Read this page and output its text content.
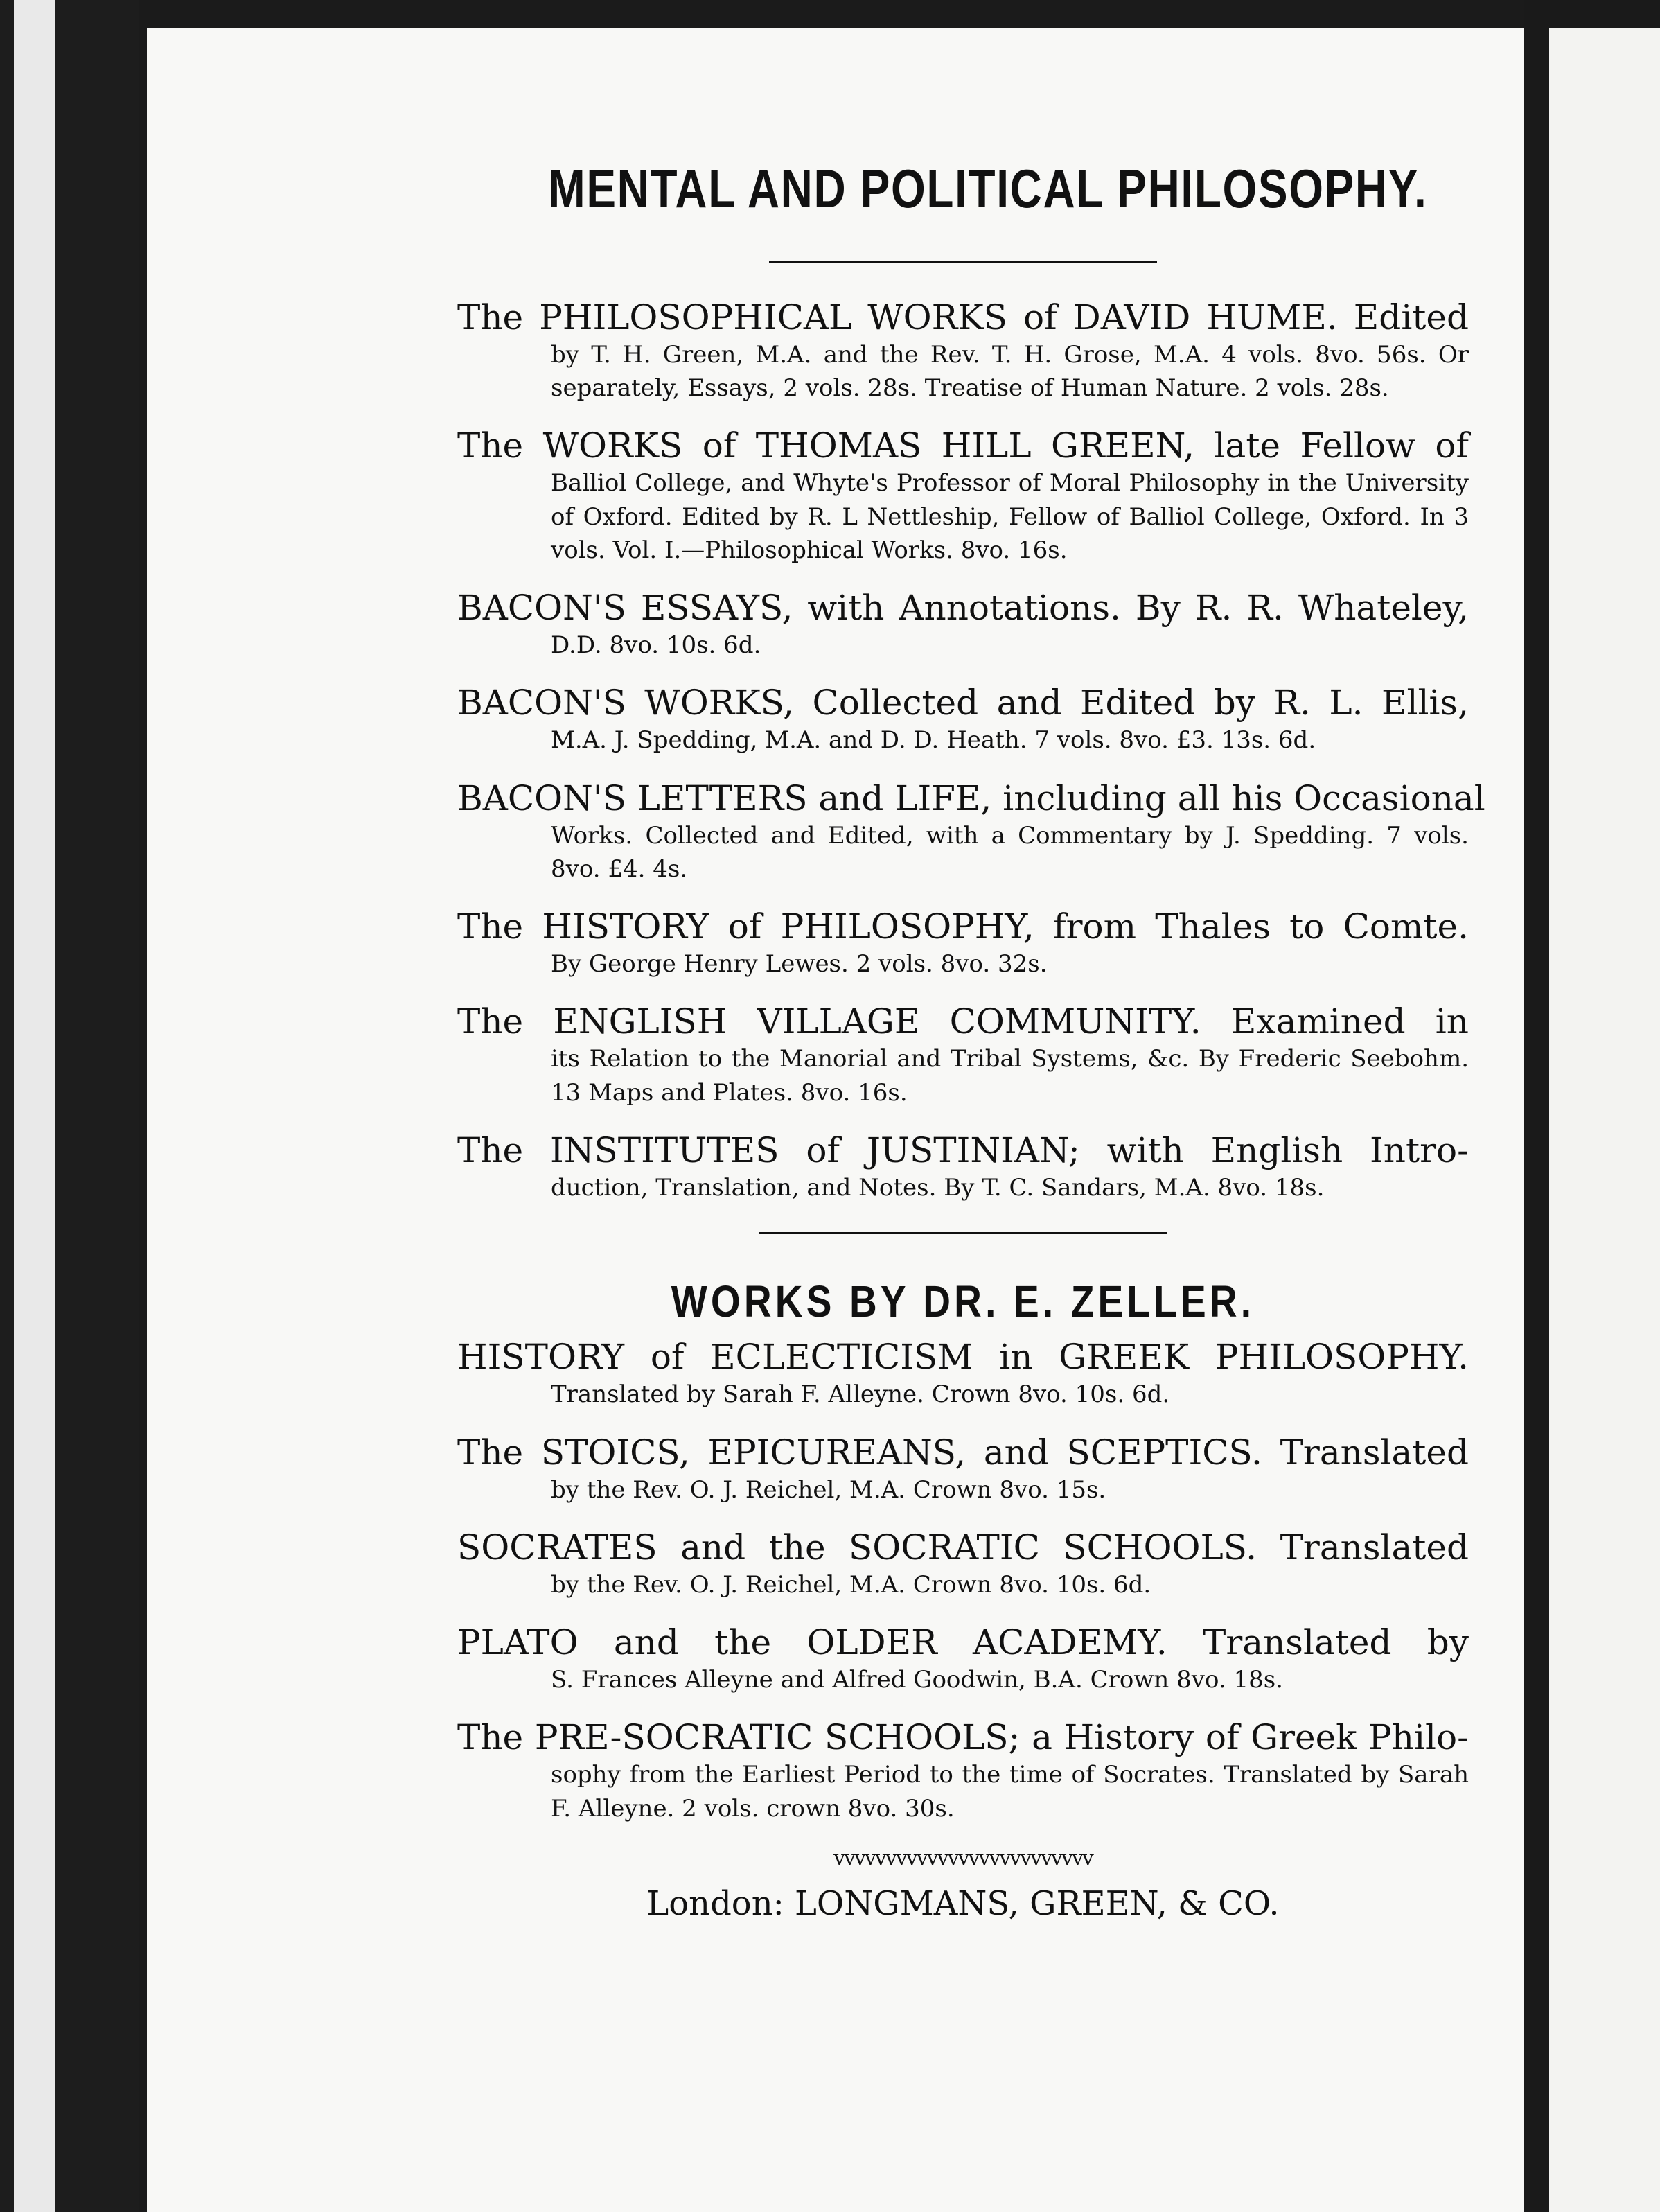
MENTAL AND POLITICAL PHILOSOPHY.
The PHILOSOPHICAL WORKS of DAVID HUME. Edited
by T. H. Green, M.A. and the Rev. T. H. Grose, M.A. 4 vols. 8vo. 56s. Or separately, Essays, 2 vols. 28s. Treatise of Human Nature. 2 vols. 28s.
The WORKS of THOMAS HILL GREEN, late Fellow of
Balliol College, and Whyte's Professor of Moral Philosophy in the University of Oxford. Edited by R. L Nettleship, Fellow of Balliol College, Oxford. In 3 vols. Vol. I.—Philosophical Works. 8vo. 16s.
BACON'S ESSAYS, with Annotations. By R. R. Whateley,
D.D. 8vo. 10s. 6d.
BACON'S WORKS, Collected and Edited by R. L. Ellis,
M.A. J. Spedding, M.A. and D. D. Heath. 7 vols. 8vo. £3. 13s. 6d.
BACON'S LETTERS and LIFE, including all his Occasional
Works. Collected and Edited, with a Commentary by J. Spedding. 7 vols. 8vo. £4. 4s.
The HISTORY of PHILOSOPHY, from Thales to Comte.
By George Henry Lewes. 2 vols. 8vo. 32s.
The ENGLISH VILLAGE COMMUNITY. Examined in
its Relation to the Manorial and Tribal Systems, &c. By Frederic Seebohm. 13 Maps and Plates. 8vo. 16s.
The INSTITUTES of JUSTINIAN; with English Intro-
duction, Translation, and Notes. By T. C. Sandars, M.A. 8vo. 18s.
WORKS BY DR. E. ZELLER.
HISTORY of ECLECTICISM in GREEK PHILOSOPHY.
Translated by Sarah F. Alleyne. Crown 8vo. 10s. 6d.
The STOICS, EPICUREANS, and SCEPTICS. Translated
by the Rev. O. J. Reichel, M.A. Crown 8vo. 15s.
SOCRATES and the SOCRATIC SCHOOLS. Translated
by the Rev. O. J. Reichel, M.A. Crown 8vo. 10s. 6d.
PLATO and the OLDER ACADEMY. Translated by
S. Frances Alleyne and Alfred Goodwin, B.A. Crown 8vo. 18s.
The PRE-SOCRATIC SCHOOLS; a History of Greek Philo-
sophy from the Earliest Period to the time of Socrates. Translated by Sarah F. Alleyne. 2 vols. crown 8vo. 30s.
vvvvvvvvvvvvvvvvvvvvvvvvv
London: LONGMANS, GREEN, & CO.
